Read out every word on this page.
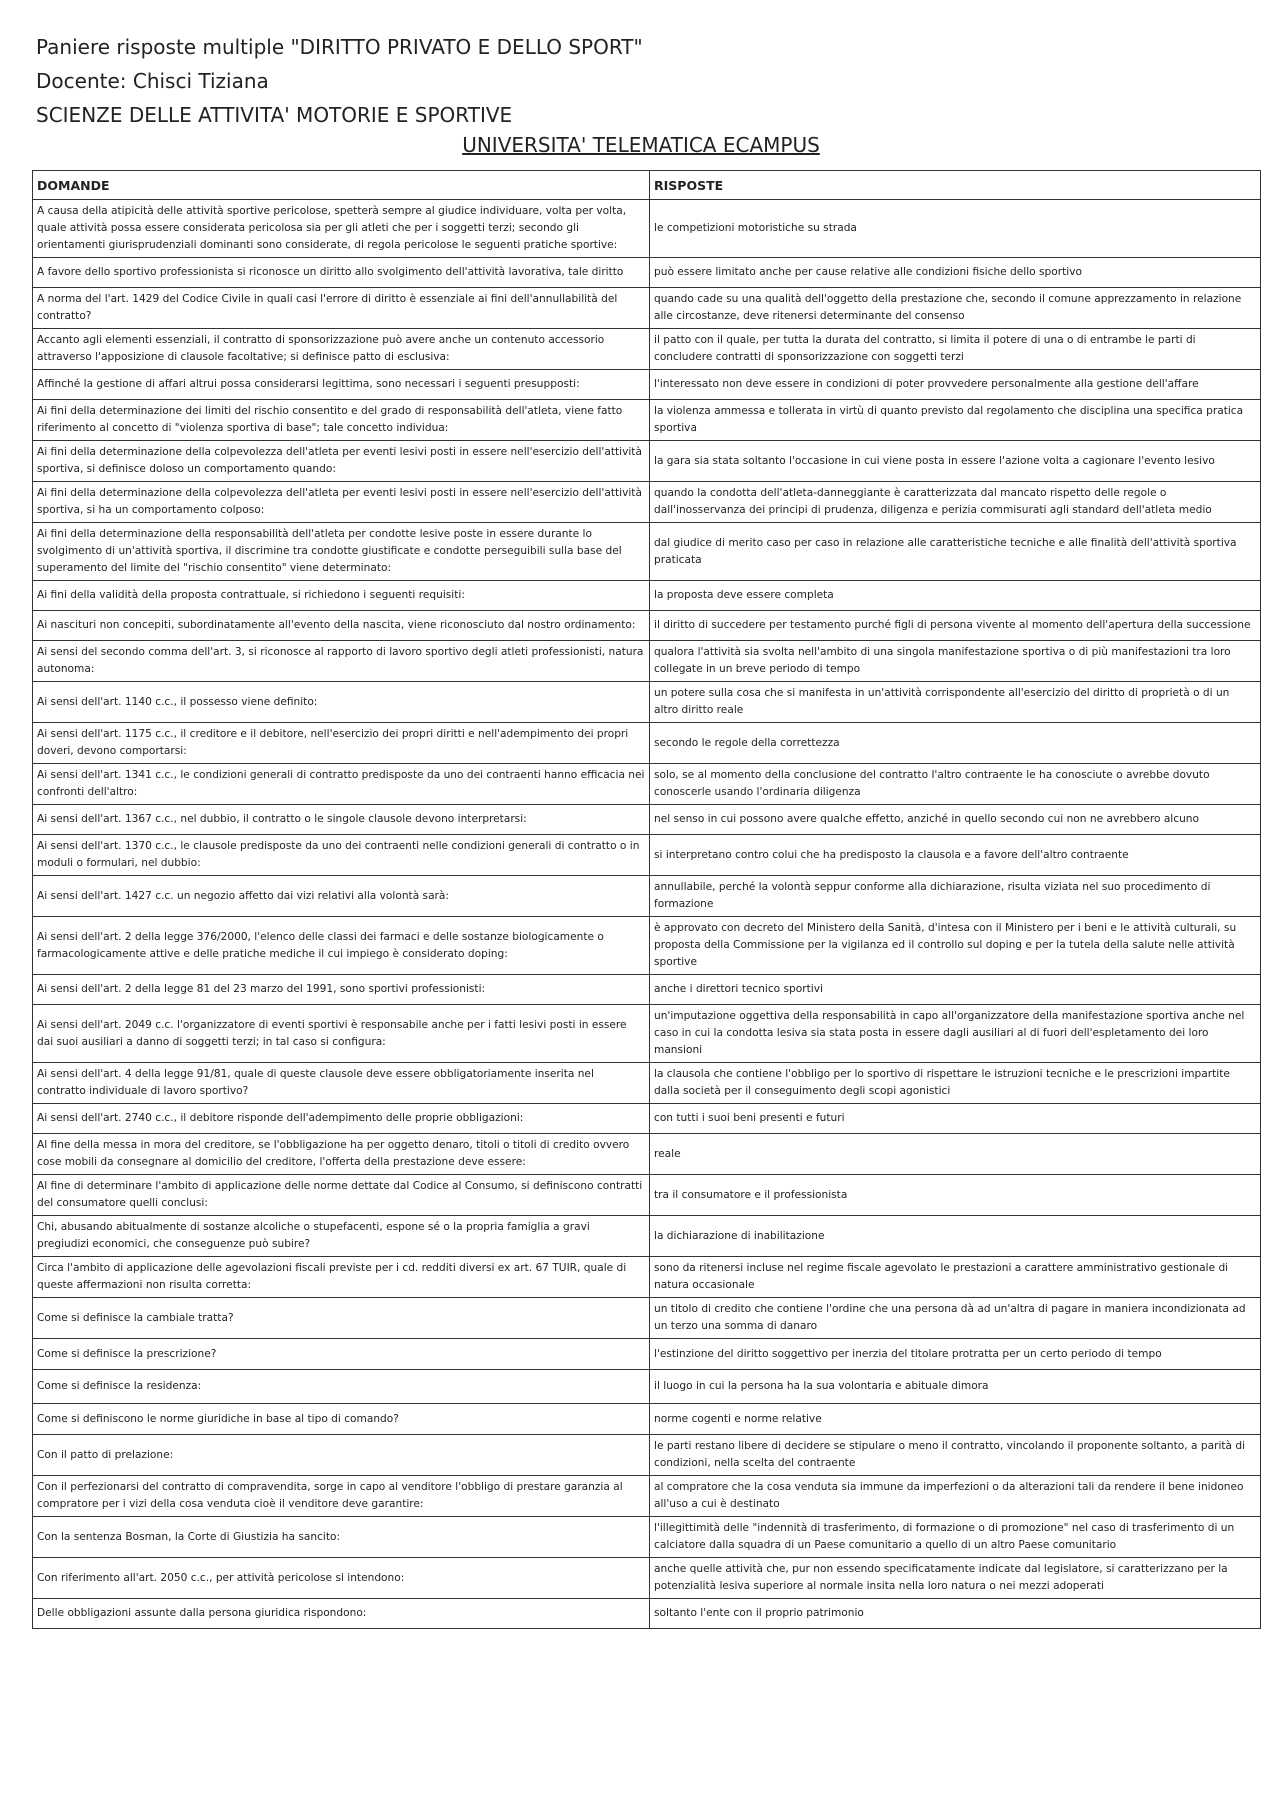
Paniere risposte multiple "DIRITTO PRIVATO E DELLO SPORT"
Docente: Chisci Tiziana
SCIENZE DELLE ATTIVITA' MOTORIE E SPORTIVE
UNIVERSITA' TELEMATICA ECAMPUS
DOMANDE	RISPOSTE
A causa della atipicità delle attività sportive pericolose, spetterà sempre al giudice individuare, volta per volta, quale attività possa essere considerata pericolosa sia per gli atleti che per i soggetti terzi; secondo gli orientamenti giurisprudenziali dominanti sono considerate, di regola pericolose le seguenti pratiche sportive:	le competizioni motoristiche su strada
A favore dello sportivo professionista si riconosce un diritto allo svolgimento dell'attività lavorativa, tale diritto	può essere limitato anche per cause relative alle condizioni fisiche dello sportivo
A norma del l'art. 1429 del Codice Civile in quali casi l'errore di diritto è essenziale ai fini dell'annullabilità del contratto?	quando cade su una qualità dell'oggetto della prestazione che, secondo il comune apprezzamento in relazione alle circostanze, deve ritenersi determinante del consenso
Accanto agli elementi essenziali, il contratto di sponsorizzazione può avere anche un contenuto accessorio attraverso l'apposizione di clausole facoltative; si definisce patto di esclusiva:	il patto con il quale, per tutta la durata del contratto, si limita il potere di una o di entrambe le parti di concludere contratti di sponsorizzazione con soggetti terzi
Affinché la gestione di affari altrui possa considerarsi legittima, sono necessari i seguenti presupposti:	l'interessato non deve essere in condizioni di poter provvedere personalmente alla gestione dell'affare
Ai fini della determinazione dei limiti del rischio consentito e del grado di responsabilità dell'atleta, viene fatto riferimento al concetto di "violenza sportiva di base"; tale concetto individua:	la violenza ammessa e tollerata in virtù di quanto previsto dal regolamento che disciplina una specifica pratica sportiva
Ai fini della determinazione della colpevolezza dell'atleta per eventi lesivi posti in essere nell'esercizio dell'attività sportiva, si definisce doloso un comportamento quando:	la gara sia stata soltanto l'occasione in cui viene posta in essere l'azione volta a cagionare l'evento lesivo
Ai fini della determinazione della colpevolezza dell'atleta per eventi lesivi posti in essere nell'esercizio dell'attività sportiva, si ha un comportamento colposo:	quando la condotta dell'atleta-danneggiante è caratterizzata dal mancato rispetto delle regole o dall'inosservanza dei principi di prudenza, diligenza e perizia commisurati agli standard dell'atleta medio
Ai fini della determinazione della responsabilità dell'atleta per condotte lesive poste in essere durante lo svolgimento di un'attività sportiva, il discrimine tra condotte giustificate e condotte perseguibili sulla base del superamento del limite del "rischio consentito" viene determinato:	dal giudice di merito caso per caso in relazione alle caratteristiche tecniche e alle finalità dell'attività sportiva praticata
Ai fini della validità della proposta contrattuale, si richiedono i seguenti requisiti:	la proposta deve essere completa
Ai nascituri non concepiti, subordinatamente all'evento della nascita, viene riconosciuto dal nostro ordinamento:	il diritto di succedere per testamento purché figli di persona vivente al momento dell'apertura della successione
Ai sensi del secondo comma dell'art. 3, si riconosce al rapporto di lavoro sportivo degli atleti professionisti, natura autonoma:	qualora l'attività sia svolta nell'ambito di una singola manifestazione sportiva o di più manifestazioni tra loro collegate in un breve periodo di tempo
Ai sensi dell'art. 1140 c.c., il possesso viene definito:	un potere sulla cosa che si manifesta in un'attività corrispondente all'esercizio del diritto di proprietà o di un altro diritto reale
Ai sensi dell'art. 1175 c.c., il creditore e il debitore, nell'esercizio dei propri diritti e nell'adempimento dei propri doveri, devono comportarsi:	secondo le regole della correttezza
Ai sensi dell'art. 1341 c.c., le condizioni generali di contratto predisposte da uno dei contraenti hanno efficacia nei confronti dell'altro:	solo, se al momento della conclusione del contratto l'altro contraente le ha conosciute o avrebbe dovuto conoscerle usando l'ordinaria diligenza
Ai sensi dell'art. 1367 c.c., nel dubbio, il contratto o le singole clausole devono interpretarsi:	nel senso in cui possono avere qualche effetto, anziché in quello secondo cui non ne avrebbero alcuno
Ai sensi dell'art. 1370 c.c., le clausole predisposte da uno dei contraenti nelle condizioni generali di contratto o in moduli o formulari, nel dubbio:	si interpretano contro colui che ha predisposto la clausola e a favore dell'altro contraente
Ai sensi dell'art. 1427 c.c. un negozio affetto dai vizi relativi alla volontà sarà:	annullabile, perché la volontà seppur conforme alla dichiarazione, risulta viziata nel suo procedimento di formazione
Ai sensi dell'art. 2 della legge 376/2000, l'elenco delle classi dei farmaci e delle sostanze biologicamente o farmacologicamente attive e delle pratiche mediche il cui impiego è considerato doping:	è approvato con decreto del Ministero della Sanità, d'intesa con il Ministero per i beni e le attività culturali, su proposta della Commissione per la vigilanza ed il controllo sul doping e per la tutela della salute nelle attività sportive
Ai sensi dell'art. 2 della legge 81 del 23 marzo del 1991, sono sportivi professionisti:	anche i direttori tecnico sportivi
Ai sensi dell'art. 2049 c.c. l'organizzatore di eventi sportivi è responsabile anche per i fatti lesivi posti in essere dai suoi ausiliari a danno di soggetti terzi; in tal caso si configura:	un'imputazione oggettiva della responsabilità in capo all'organizzatore della manifestazione sportiva anche nel caso in cui la condotta lesiva sia stata posta in essere dagli ausiliari al di fuori dell'espletamento dei loro mansioni
Ai sensi dell'art. 4 della legge 91/81, quale di queste clausole deve essere obbligatoriamente inserita nel contratto individuale di lavoro sportivo?	la clausola che contiene l'obbligo per lo sportivo di rispettare le istruzioni tecniche e le prescrizioni impartite dalla società per il conseguimento degli scopi agonistici
Ai sensi dell'art. 2740 c.c., il debitore risponde dell'adempimento delle proprie obbligazioni:	con tutti i suoi beni presenti e futuri
Al fine della messa in mora del creditore, se l'obbligazione ha per oggetto denaro, titoli o titoli di credito ovvero cose mobili da consegnare al domicilio del creditore, l'offerta della prestazione deve essere:	reale
Al fine di determinare l'ambito di applicazione delle norme dettate dal Codice al Consumo, si definiscono contratti del consumatore quelli conclusi:	tra il consumatore e il professionista
Chi, abusando abitualmente di sostanze alcoliche o stupefacenti, espone sé o la propria famiglia a gravi pregiudizi economici, che conseguenze può subire?	la dichiarazione di inabilitazione
Circa l'ambito di applicazione delle agevolazioni fiscali previste per i cd. redditi diversi ex art. 67 TUIR, quale di queste affermazioni non risulta corretta:	sono da ritenersi incluse nel regime fiscale agevolato le prestazioni a carattere amministrativo gestionale di natura occasionale
Come si definisce la cambiale tratta?	un titolo di credito che contiene l'ordine che una persona dà ad un'altra di pagare in maniera incondizionata ad un terzo una somma di danaro
Come si definisce la prescrizione?	l'estinzione del diritto soggettivo per inerzia del titolare protratta per un certo periodo di tempo
Come si definisce la residenza:	il luogo in cui la persona ha la sua volontaria e abituale dimora
Come si definiscono le norme giuridiche in base al tipo di comando?	norme cogenti e norme relative
Con il patto di prelazione:	le parti restano libere di decidere se stipulare o meno il contratto, vincolando il proponente soltanto, a parità di condizioni, nella scelta del contraente
Con il perfezionarsi del contratto di compravendita, sorge in capo al venditore l'obbligo di prestare garanzia al compratore per i vizi della cosa venduta cioè il venditore deve garantire:	al compratore che la cosa venduta sia immune da imperfezioni o da alterazioni tali da rendere il bene inidoneo all'uso a cui è destinato
Con la sentenza Bosman, la Corte di Giustizia ha sancito:	l'illegittimità delle "indennità di trasferimento, di formazione o di promozione" nel caso di trasferimento di un calciatore dalla squadra di un Paese comunitario a quello di un altro Paese comunitario
Con riferimento all'art. 2050 c.c., per attività pericolose si intendono:	anche quelle attività che, pur non essendo specificatamente indicate dal legislatore, si caratterizzano per la potenzialità lesiva superiore al normale insita nella loro natura o nei mezzi adoperati
Delle obbligazioni assunte dalla persona giuridica rispondono:	soltanto l'ente con il proprio patrimonio
